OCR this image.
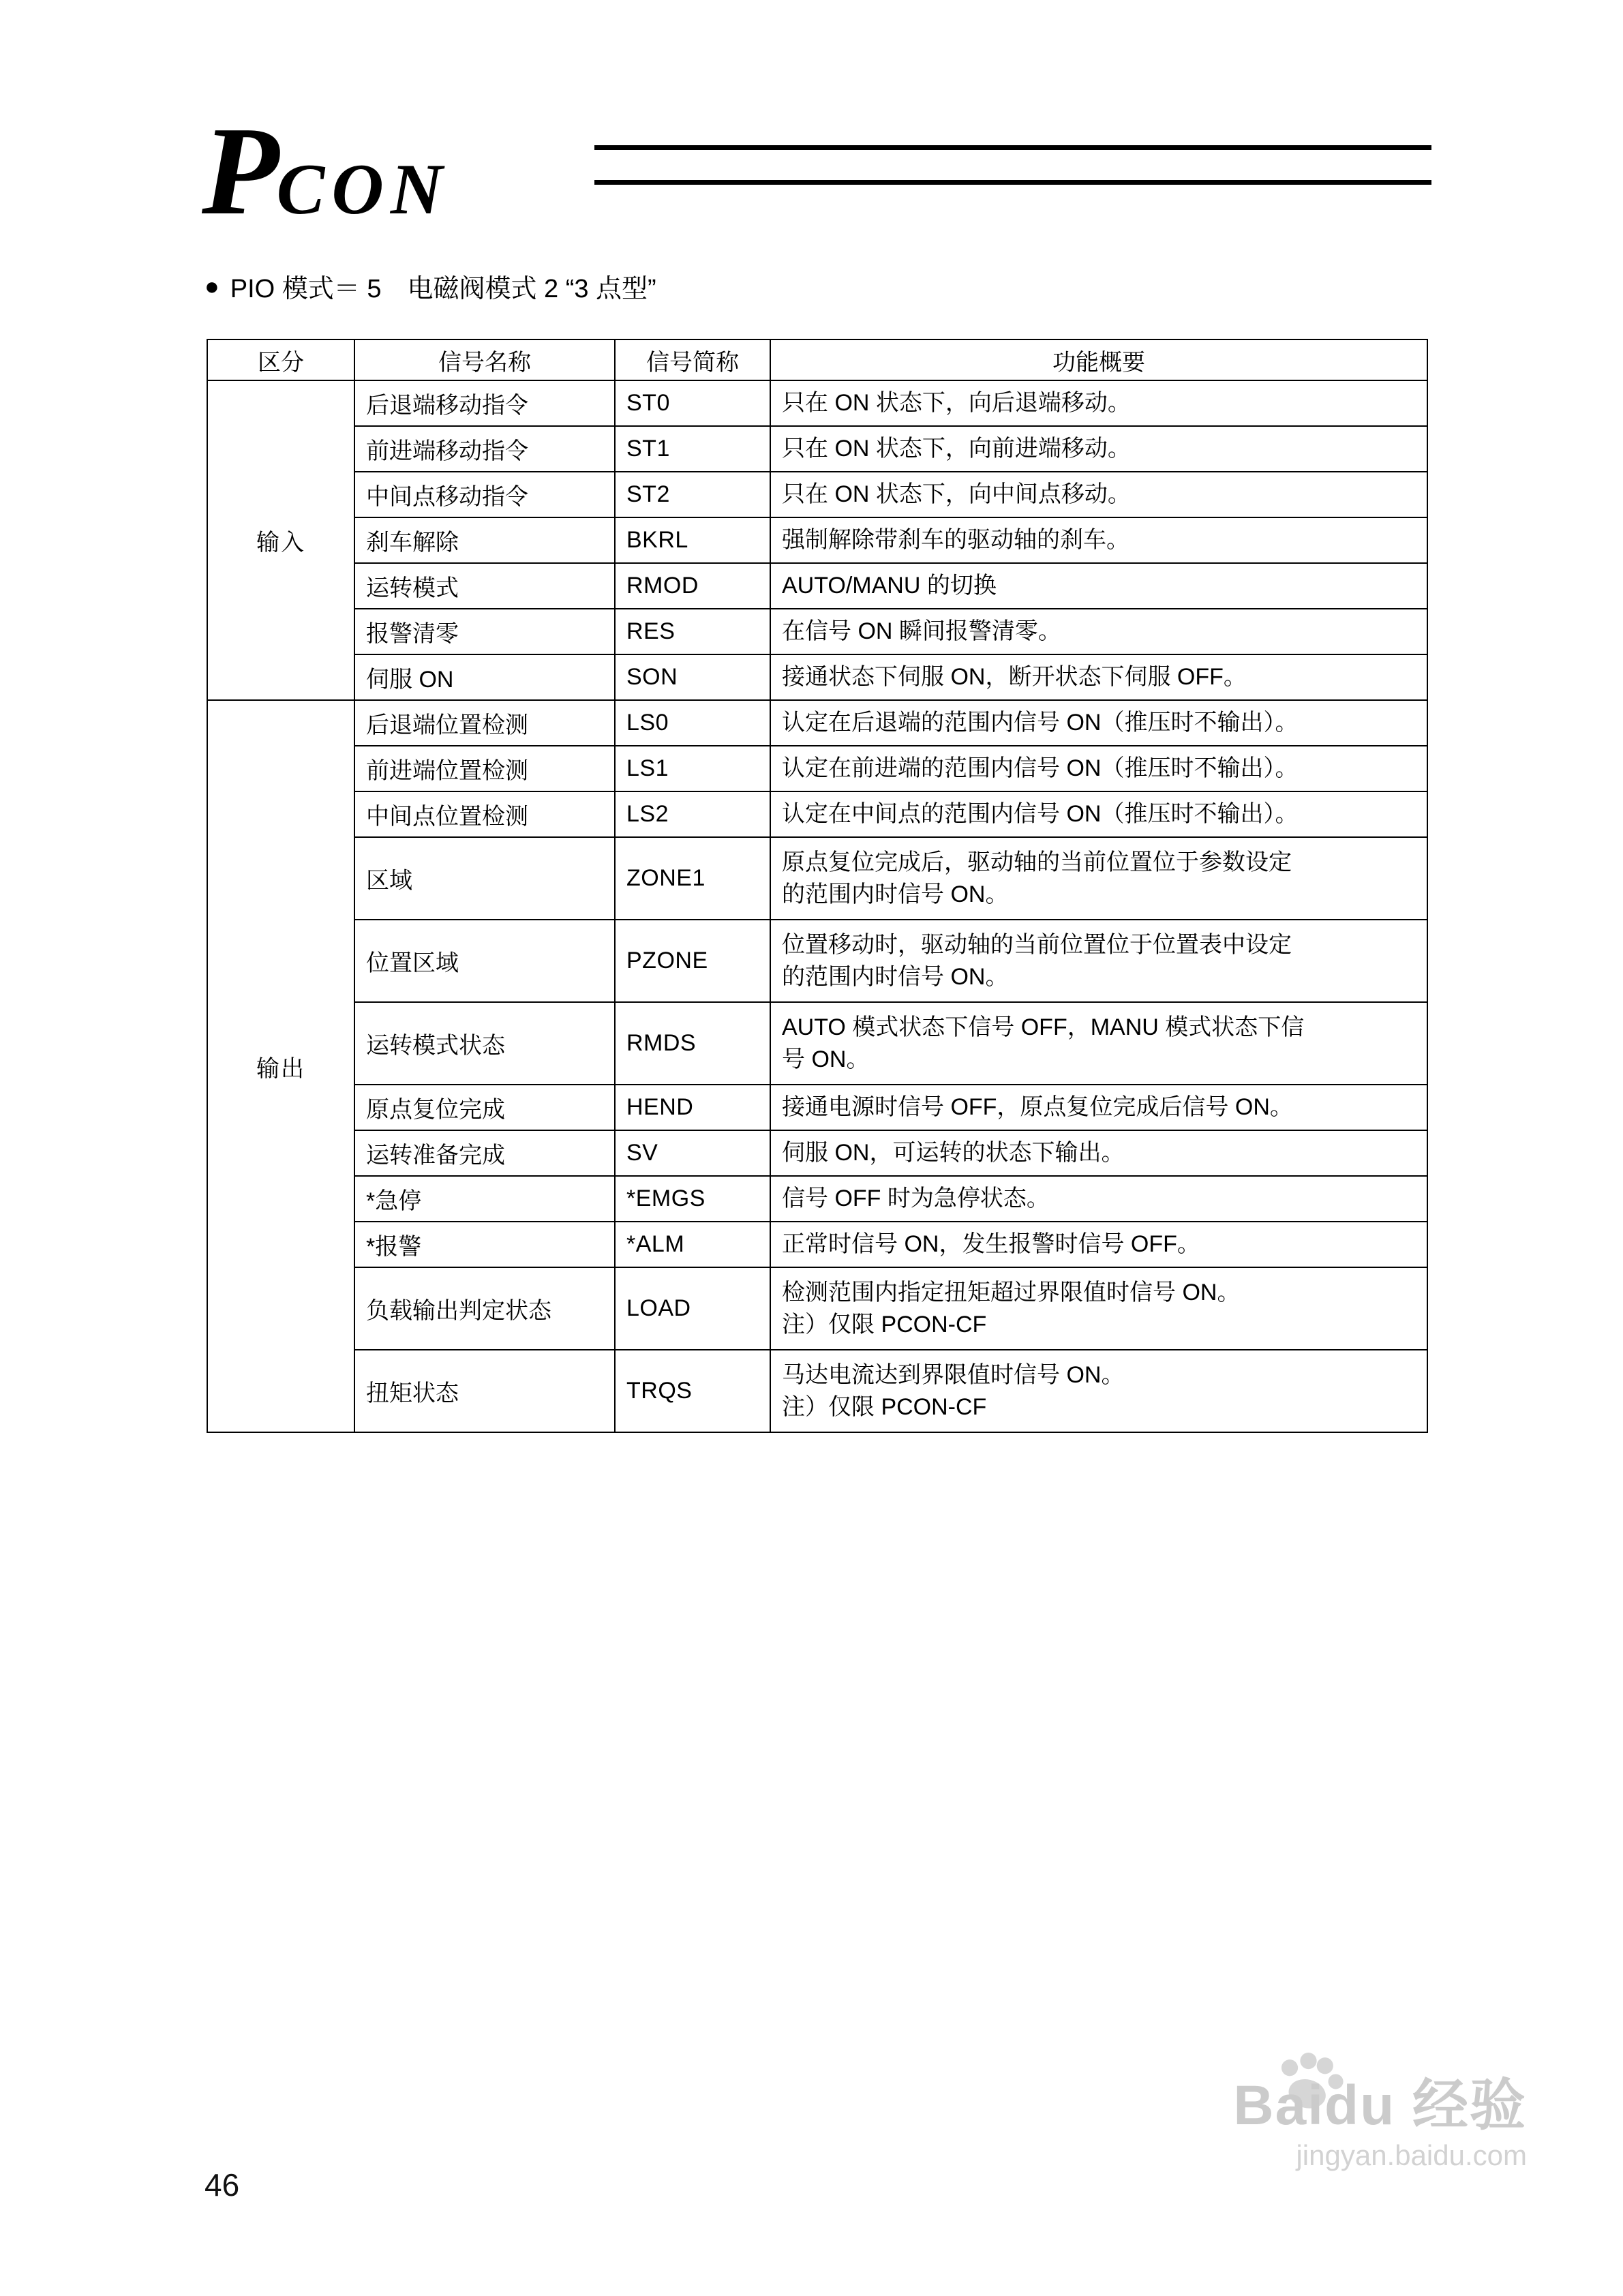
P CON
● PIO 模式＝ 5　电磁阀模式 2 “3 点型”
区分	信号名称	信号简称	功能概要
输入	后退端移动指令	ST0	只在 ON 状态下，向后退端移动。

	前进端移动指令	ST1	只在 ON 状态下，向前进端移动。

	中间点移动指令	ST2	只在 ON 状态下，向中间点移动。

	刹车解除	BKRL	强制解除带刹车的驱动轴的刹车。

	运转模式	RMOD	AUTO/MANU 的切换

	报警清零	RES	在信号 ON 瞬间报警清零。

	伺服 ON	SON	接通状态下伺服 ON，断开状态下伺服 OFF。

输出	后退端位置检测	LS0	认定在后退端的范围内信号 ON（推压时不输出）。

	前进端位置检测	LS1	认定在前进端的范围内信号 ON（推压时不输出）。

	中间点位置检测	LS2	认定在中间点的范围内信号 ON（推压时不输出）。

	区域	ZONE1	原点复位完成后，驱动轴的当前位置位于参数设定
的范围内时信号 ON。

	位置区域	PZONE	位置移动时，驱动轴的当前位置位于位置表中设定
的范围内时信号 ON。

	运转模式状态	RMDS	AUTO 模式状态下信号 OFF，MANU 模式状态下信
号 ON。

	原点复位完成	HEND	接通电源时信号 OFF，原点复位完成后信号 ON。

	运转准备完成	SV	伺服 ON，可运转的状态下输出。

	*急停	*EMGS	信号 OFF 时为急停状态。

	*报警	*ALM	正常时信号 ON，发生报警时信号 OFF。

	负载输出判定状态	LOAD	检测范围内指定扭矩超过界限值时信号 ON。
注）仅限 PCON-CF

	扭矩状态	TRQS	马达电流达到界限值时信号 ON。
注）仅限 PCON-CF
46
Baidu 经验
jingyan.baidu.com
